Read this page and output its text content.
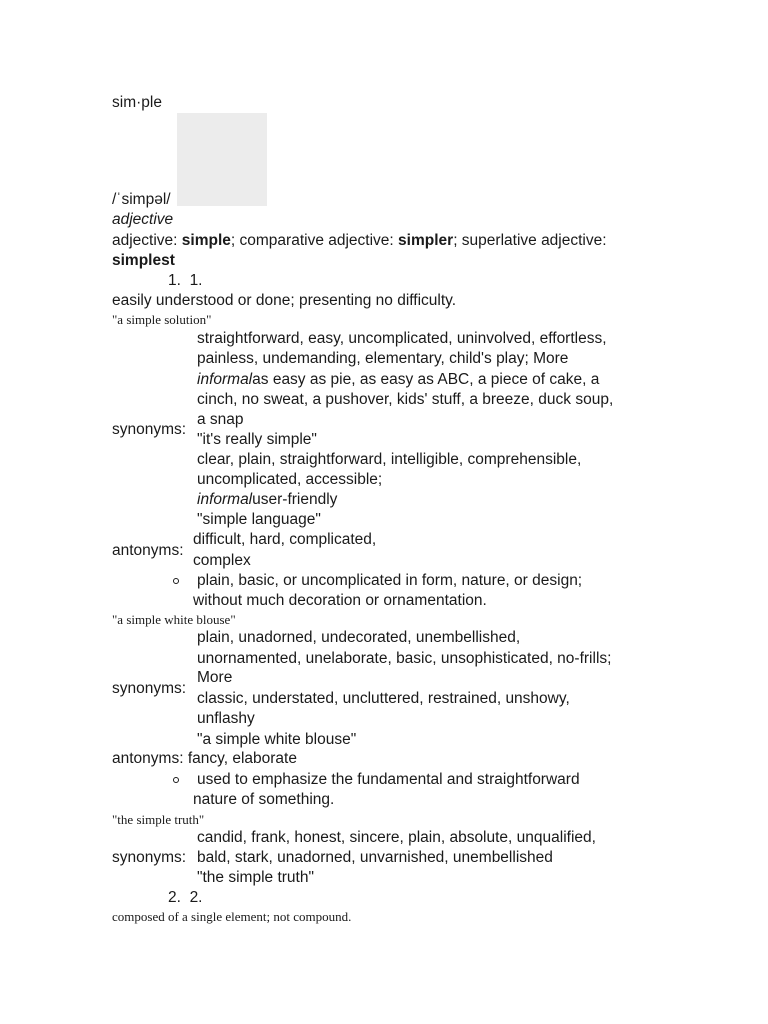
sim·ple
/ˈsimpəl/
adjective
adjective: simple; comparative adjective: simpler; superlative adjective:
simplest
1. 1.
easily understood or done; presenting no difficulty.
"a simple solution"
straightforward, easy, uncomplicated, uninvolved, effortless,
painless, undemanding, elementary, child's play; More
informalas easy as pie, as easy as ABC, a piece of cake, a
cinch, no sweat, a pushover, kids' stuff, a breeze, duck soup,
a snap
synonyms:
"it's really simple"
clear, plain, straightforward, intelligible, comprehensible,
uncomplicated, accessible;
informaluser-friendly
"simple language"
difficult, hard, complicated,
antonyms:
complex
plain, basic, or uncomplicated in form, nature, or design;
without much decoration or ornamentation.
"a simple white blouse"
plain, unadorned, undecorated, unembellished,
unornamented, unelaborate, basic, unsophisticated, no-frills;
More
synonyms:
classic, understated, uncluttered, restrained, unshowy,
unflashy
"a simple white blouse"
antonyms: fancy, elaborate
used to emphasize the fundamental and straightforward
nature of something.
"the simple truth"
candid, frank, honest, sincere, plain, absolute, unqualified,
synonyms: bald, stark, unadorned, unvarnished, unembellished
"the simple truth"
2. 2.
composed of a single element; not compound.
